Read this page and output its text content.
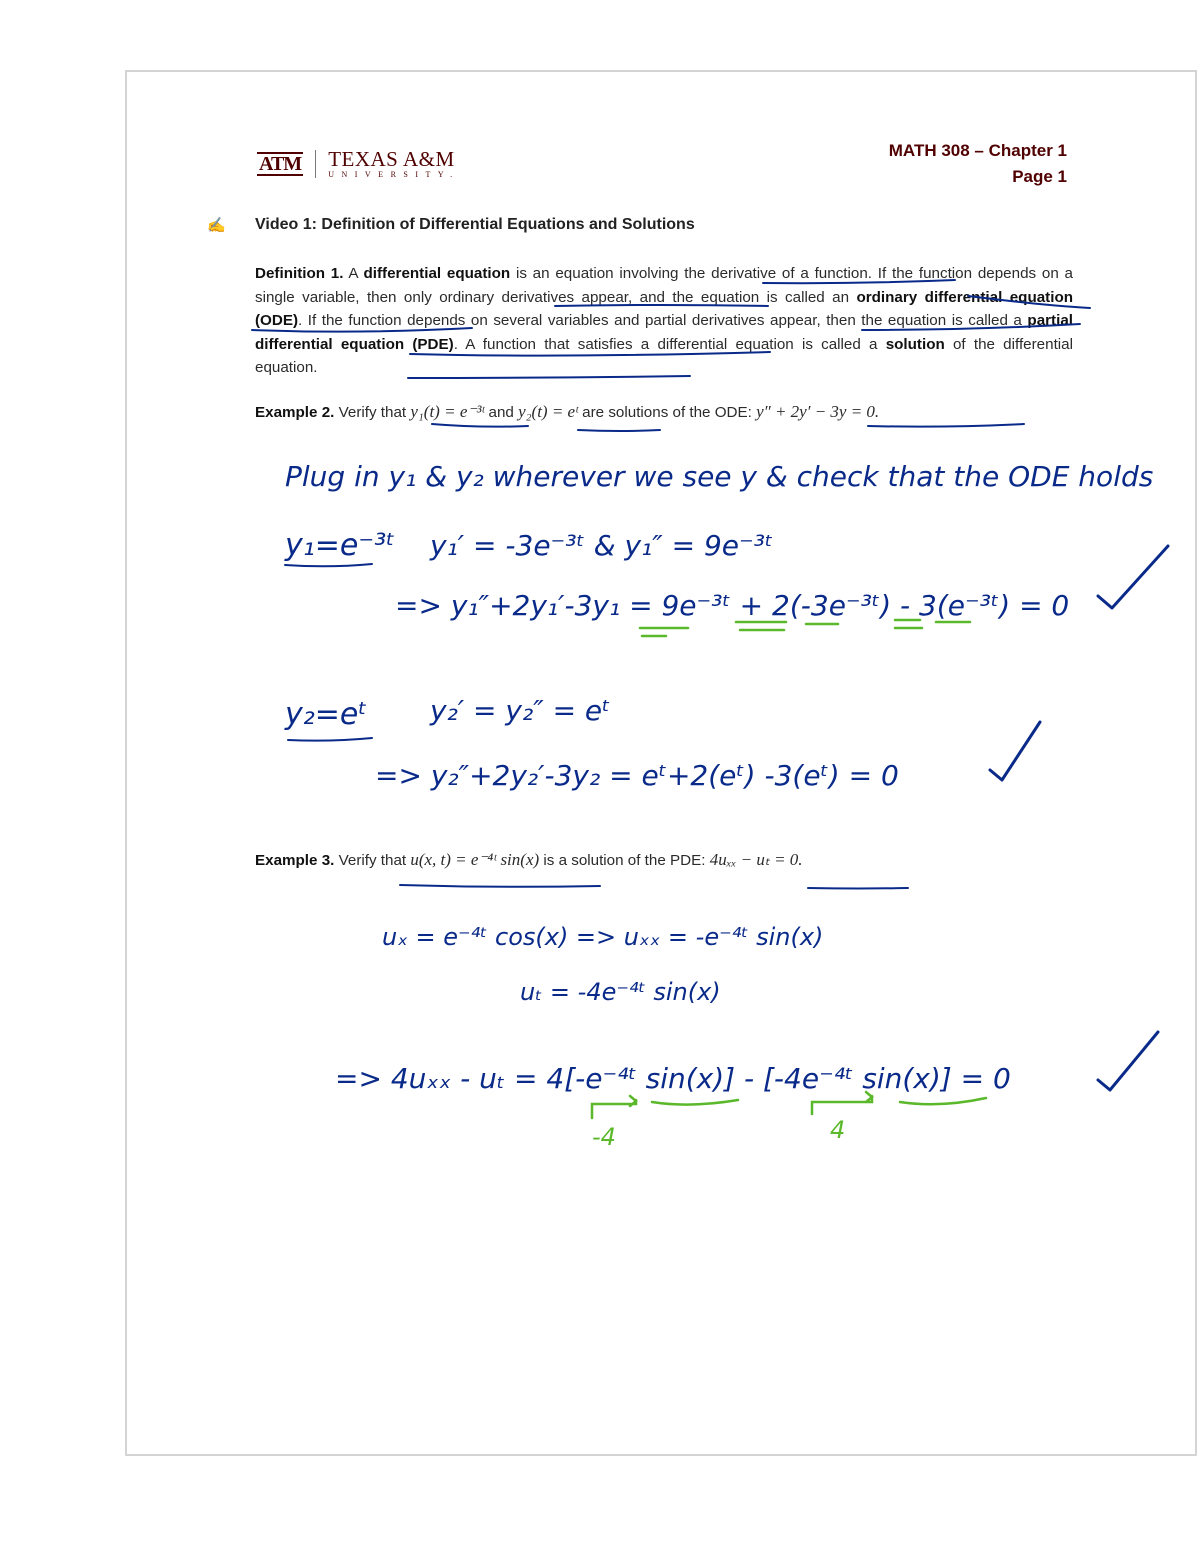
ATM TEXAS A&M
UNIVERSITY.
MATH 308 – Chapter 1
Page 1
✍ Video 1: Definition of Differential Equations and Solutions
Definition 1. A differential equation is an equation involving the derivative of a function. If the function depends on a single variable, then only ordinary derivatives appear, and the equation is called an ordinary differential equation (ODE). If the function depends on several variables and partial derivatives appear, then the equation is called a partial differential equation (PDE). A function that satisfies a differential equation is called a solution of the differential equation.
Example 2. Verify that y₁(t) = e⁻³ᵗ and y₂(t) = eᵗ are solutions of the ODE: y″ + 2y′ − 3y = 0.
Example 3. Verify that u(x, t) = e⁻⁴ᵗ sin(x) is a solution of the PDE: 4uₓₓ − uₜ = 0.
Plug in y₁ & y₂ wherever we see y & check that the ODE holds
y₁=e⁻³ᵗ y₁′ = -3e⁻³ᵗ & y₁″ = 9e⁻³ᵗ
=> y₁″+2y₁′-3y₁ = 9e⁻³ᵗ + 2(-3e⁻³ᵗ) - 3(e⁻³ᵗ) = 0
y₂=eᵗ y₂′ = y₂″ = eᵗ
=> y₂″+2y₂′-3y₂ = eᵗ+2(eᵗ) -3(eᵗ) = 0
uₓ = e⁻⁴ᵗ cos(x) => uₓₓ = -e⁻⁴ᵗ sin(x)
uₜ = -4e⁻⁴ᵗ sin(x)
=> 4uₓₓ - uₜ = 4[-e⁻⁴ᵗ sin(x)] - [-4e⁻⁴ᵗ sin(x)] = 0
-4	4
